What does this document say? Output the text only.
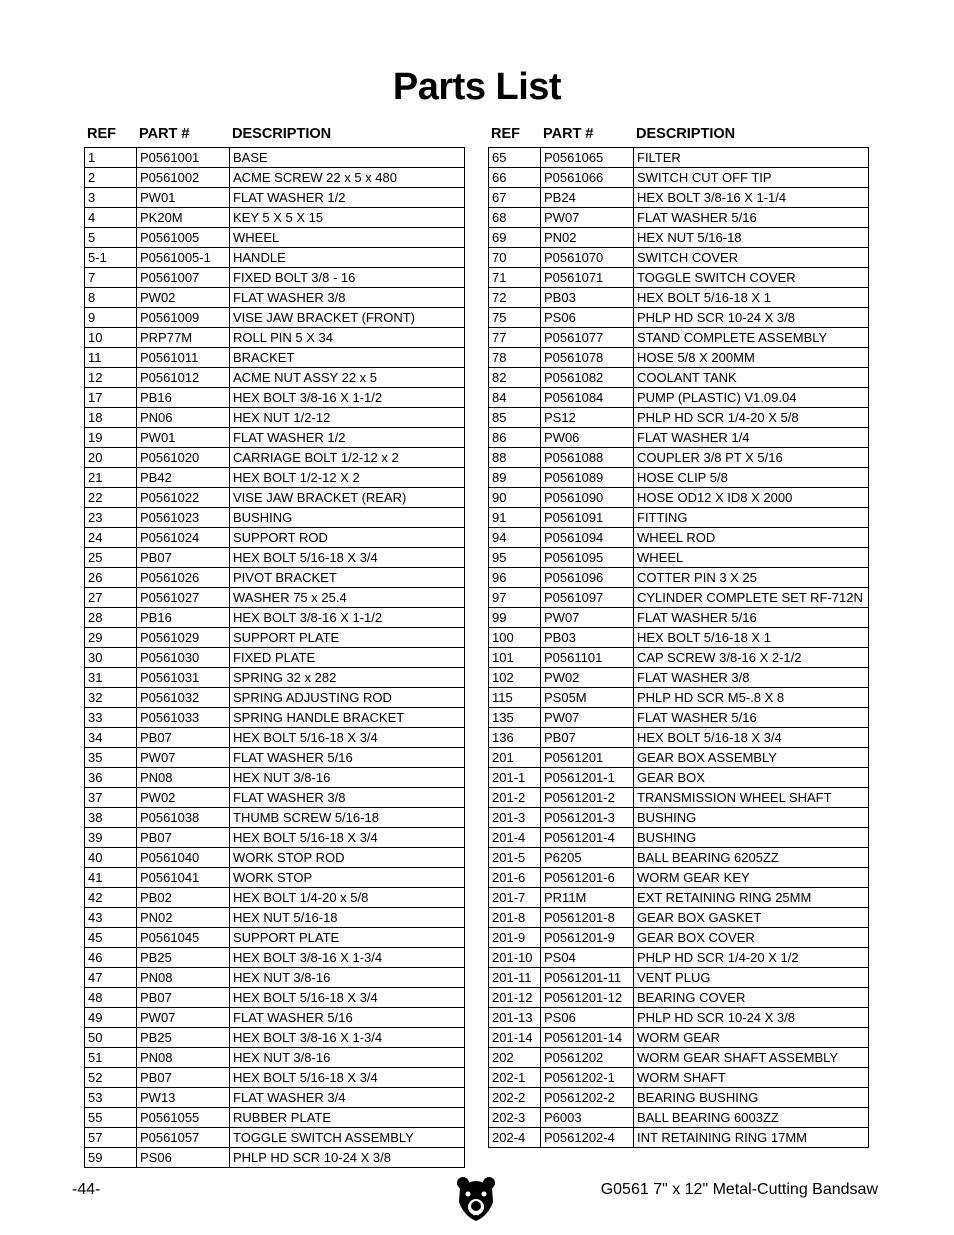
Parts List
REF PART #	DESCRIPTION
1	P0561001	BASE
2	P0561002	ACME SCREW 22 x 5 x 480
3	PW01	FLAT WASHER 1/2
4	PK20M	KEY 5 X 5 X 15
5	P0561005	WHEEL
5-1	P0561005-1	HANDLE
7	P0561007	FIXED BOLT 3/8 - 16
8	PW02	FLAT WASHER 3/8
9	P0561009	VISE JAW BRACKET (FRONT)
10	PRP77M	ROLL PIN 5 X 34
11	P0561011	BRACKET
12	P0561012	ACME NUT ASSY 22 x 5
17	PB16	HEX BOLT 3/8-16 X 1-1/2
18	PN06	HEX NUT 1/2-12
19	PW01	FLAT WASHER 1/2
20	P0561020	CARRIAGE BOLT 1/2-12 x 2
21	PB42	HEX BOLT 1/2-12 X 2
22	P0561022	VISE JAW BRACKET (REAR)
23	P0561023	BUSHING
24	P0561024	SUPPORT ROD
25	PB07	HEX BOLT 5/16-18 X 3/4
26	P0561026	PIVOT BRACKET
27	P0561027	WASHER 75 x 25.4
28	PB16	HEX BOLT 3/8-16 X 1-1/2
29	P0561029	SUPPORT PLATE
30	P0561030	FIXED PLATE
31	P0561031	SPRING 32 x 282
32	P0561032	SPRING ADJUSTING ROD
33	P0561033	SPRING HANDLE BRACKET
34	PB07	HEX BOLT 5/16-18 X 3/4
35	PW07	FLAT WASHER 5/16
36	PN08	HEX NUT 3/8-16
37	PW02	FLAT WASHER 3/8
38	P0561038	THUMB SCREW 5/16-18
39	PB07	HEX BOLT 5/16-18 X 3/4
40	P0561040	WORK STOP ROD
41	P0561041	WORK STOP
42	PB02	HEX BOLT 1/4-20 x 5/8
43	PN02	HEX NUT 5/16-18
45	P0561045	SUPPORT PLATE
46	PB25	HEX BOLT 3/8-16 X 1-3/4
47	PN08	HEX NUT 3/8-16
48	PB07	HEX BOLT 5/16-18 X 3/4
49	PW07	FLAT WASHER 5/16
50	PB25	HEX BOLT 3/8-16 X 1-3/4
51	PN08	HEX NUT 3/8-16
52	PB07	HEX BOLT 5/16-18 X 3/4
53	PW13	FLAT WASHER 3/4
55	P0561055	RUBBER PLATE
57	P0561057	TOGGLE SWITCH ASSEMBLY
59	PS06	PHLP HD SCR 10-24 X 3/8
REF PART #	DESCRIPTION
65	P0561065	FILTER
66	P0561066	SWITCH CUT OFF TIP
67	PB24	HEX BOLT 3/8-16 X 1-1/4
68	PW07	FLAT WASHER 5/16
69	PN02	HEX NUT 5/16-18
70	P0561070	SWITCH COVER
71	P0561071	TOGGLE SWITCH COVER
72	PB03	HEX BOLT 5/16-18 X 1
75	PS06	PHLP HD SCR 10-24 X 3/8
77	P0561077	STAND COMPLETE ASSEMBLY
78	P0561078	HOSE 5/8 X 200MM
82	P0561082	COOLANT TANK
84	P0561084	PUMP (PLASTIC) V1.09.04
85	PS12	PHLP HD SCR 1/4-20 X 5/8
86	PW06	FLAT WASHER 1/4
88	P0561088	COUPLER 3/8 PT X 5/16
89	P0561089	HOSE CLIP 5/8
90	P0561090	HOSE OD12 X ID8 X 2000
91	P0561091	FITTING
94	P0561094	WHEEL ROD
95	P0561095	WHEEL
96	P0561096	COTTER PIN 3 X 25
97	P0561097	CYLINDER COMPLETE SET RF-712N
99	PW07	FLAT WASHER 5/16
100	PB03	HEX BOLT 5/16-18 X 1
101	P0561101	CAP SCREW 3/8-16 X 2-1/2
102	PW02	FLAT WASHER 3/8
115	PS05M	PHLP HD SCR M5-.8 X 8
135	PW07	FLAT WASHER 5/16
136	PB07	HEX BOLT 5/16-18 X 3/4
201	P0561201	GEAR BOX ASSEMBLY
201-1	P0561201-1	GEAR BOX
201-2	P0561201-2	TRANSMISSION WHEEL SHAFT
201-3	P0561201-3	BUSHING
201-4	P0561201-4	BUSHING
201-5	P6205	BALL BEARING 6205ZZ
201-6	P0561201-6	WORM GEAR KEY
201-7	PR11M	EXT RETAINING RING 25MM
201-8	P0561201-8	GEAR BOX GASKET
201-9	P0561201-9	GEAR BOX COVER
201-10	PS04	PHLP HD SCR 1/4-20 X 1/2
201-11	P0561201-11	VENT PLUG
201-12	P0561201-12	BEARING COVER
201-13	PS06	PHLP HD SCR 10-24 X 3/8
201-14	P0561201-14	WORM GEAR
202	P0561202	WORM GEAR SHAFT ASSEMBLY
202-1	P0561202-1	WORM SHAFT
202-2	P0561202-2	BEARING BUSHING
202-3	P6003	BALL BEARING 6003ZZ
202-4	P0561202-4	INT RETAINING RING 17MM
-44-	G0561 7" x 12" Metal-Cutting Bandsaw
